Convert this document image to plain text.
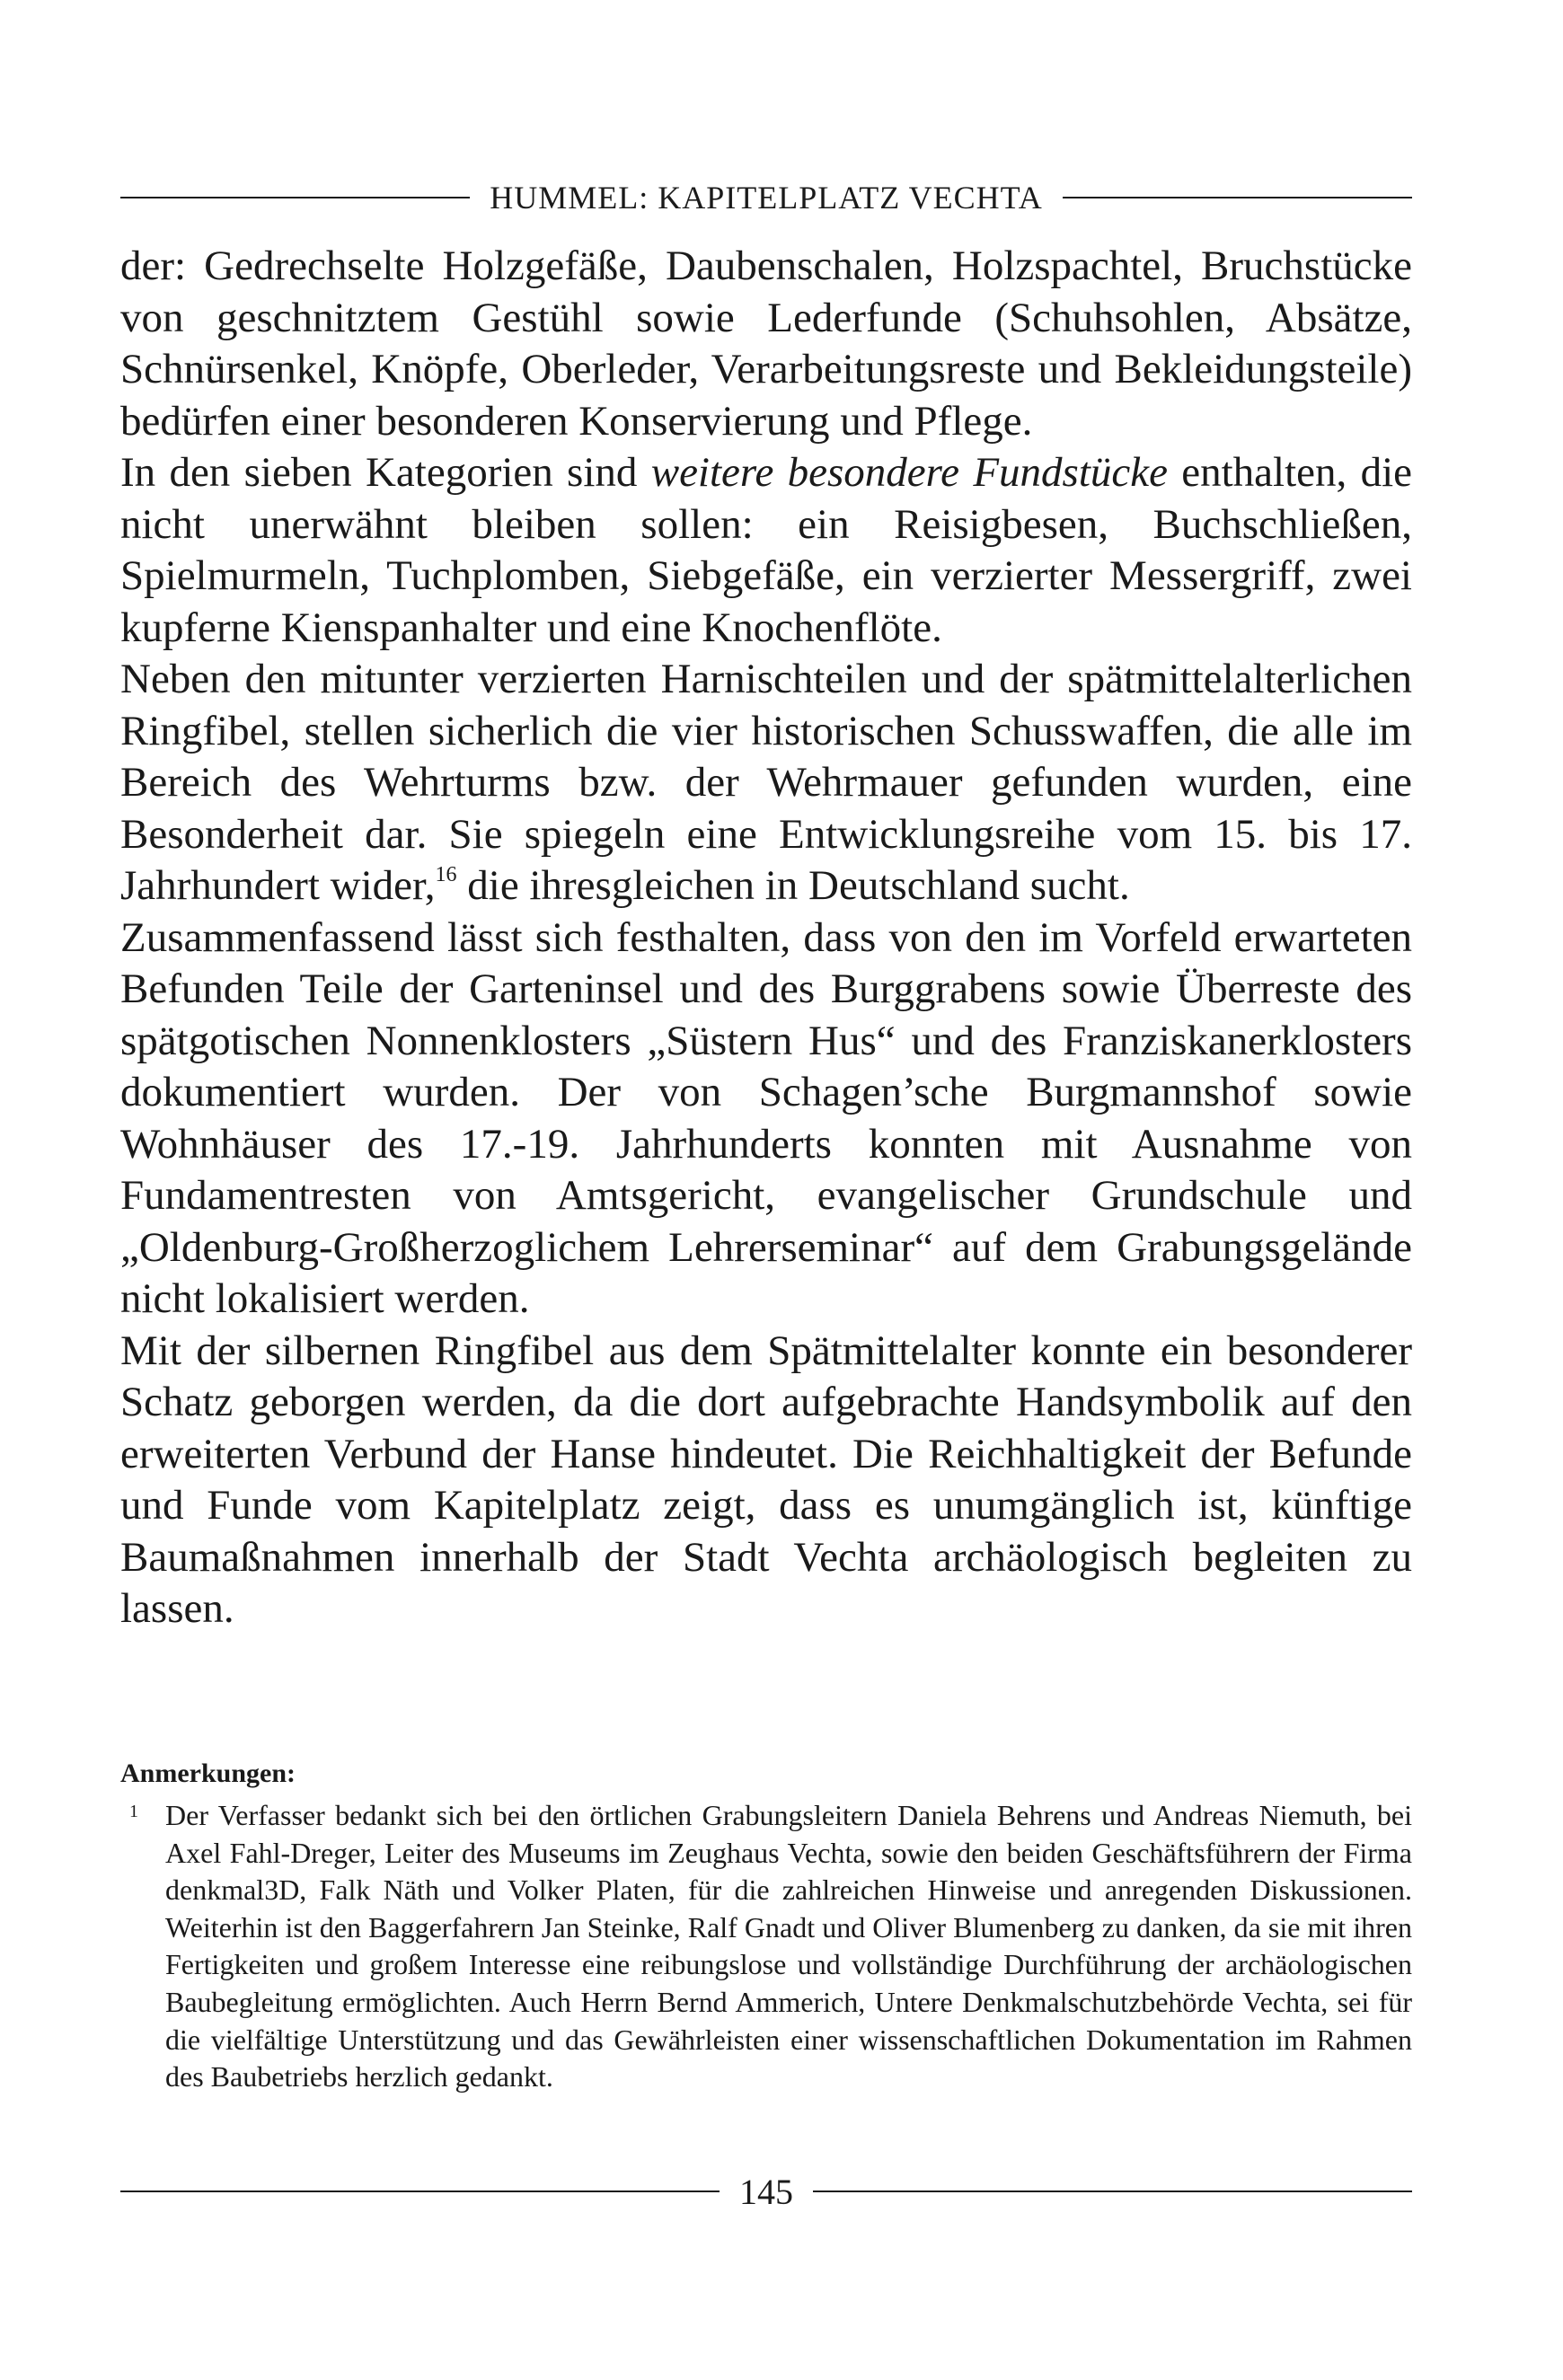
HUMMEL: KAPITELPLATZ VECHTA

der: Gedrechselte Holzgefäße, Daubenschalen, Holzspachtel, Bruchstücke von geschnitztem Gestühl sowie Lederfunde (Schuhsohlen, Absätze, Schnürsenkel, Knöpfe, Oberleder, Verarbeitungsreste und Bekleidungsteile) bedürfen einer besonderen Konservierung und Pflege.

In den sieben Kategorien sind weitere besondere Fundstücke enthalten, die nicht unerwähnt bleiben sollen: ein Reisigbesen, Buchschließen, Spielmurmeln, Tuchplomben, Siebgefäße, ein verzierter Messergriff, zwei kupferne Kienspanhalter und eine Knochenflöte.

Neben den mitunter verzierten Harnischteilen und der spätmittelalterlichen Ringfibel, stellen sicherlich die vier historischen Schusswaffen, die alle im Bereich des Wehrturms bzw. der Wehrmauer gefunden wurden, eine Besonderheit dar. Sie spiegeln eine Entwicklungsreihe vom 15. bis 17. Jahrhundert wider,$^{16}$ die ihresgleichen in Deutschland sucht.

Zusammenfassend lässt sich festhalten, dass von den im Vorfeld erwarteten Befunden Teile der Garteninsel und des Burggrabens sowie Überreste des spätgotischen Nonnenklosters „Süstern Hus“ und des Franziskanerklosters dokumentiert wurden. Der von Schagen’sche Burgmannshof sowie Wohnhäuser des 17.-19. Jahrhunderts konnten mit Ausnahme von Fundamentresten von Amtsgericht, evangelischer Grundschule und „Oldenburg-Großherzoglichem Lehrerseminar“ auf dem Grabungsgelände nicht lokalisiert werden.

Mit der silbernen Ringfibel aus dem Spätmittelalter konnte ein besonderer Schatz geborgen werden, da die dort aufgebrachte Handsymbolik auf den erweiterten Verbund der Hanse hindeutet. Die Reichhaltigkeit der Befunde und Funde vom Kapitelplatz zeigt, dass es unumgänglich ist, künftige Baumaßnahmen innerhalb der Stadt Vechta archäologisch begleiten zu lassen.

Anmerkungen:
1 Der Verfasser bedankt sich bei den örtlichen Grabungsleitern Daniela Behrens und Andreas Niemuth, bei Axel Fahl-Dreger, Leiter des Museums im Zeughaus Vechta, sowie den beiden Geschäftsführern der Firma denkmal3D, Falk Näth und Volker Platen, für die zahlreichen Hinweise und anregenden Diskussionen. Weiterhin ist den Baggerfahrern Jan Steinke, Ralf Gnadt und Oliver Blumenberg zu danken, da sie mit ihren Fertigkeiten und großem Interesse eine reibungslose und vollständige Durchführung der archäologischen Baubegleitung ermöglichten. Auch Herrn Bernd Ammerich, Untere Denkmalschutzbehörde Vechta, sei für die vielfältige Unterstützung und das Gewährleisten einer wissenschaftlichen Dokumentation im Rahmen des Baubetriebs herzlich gedankt.
145
